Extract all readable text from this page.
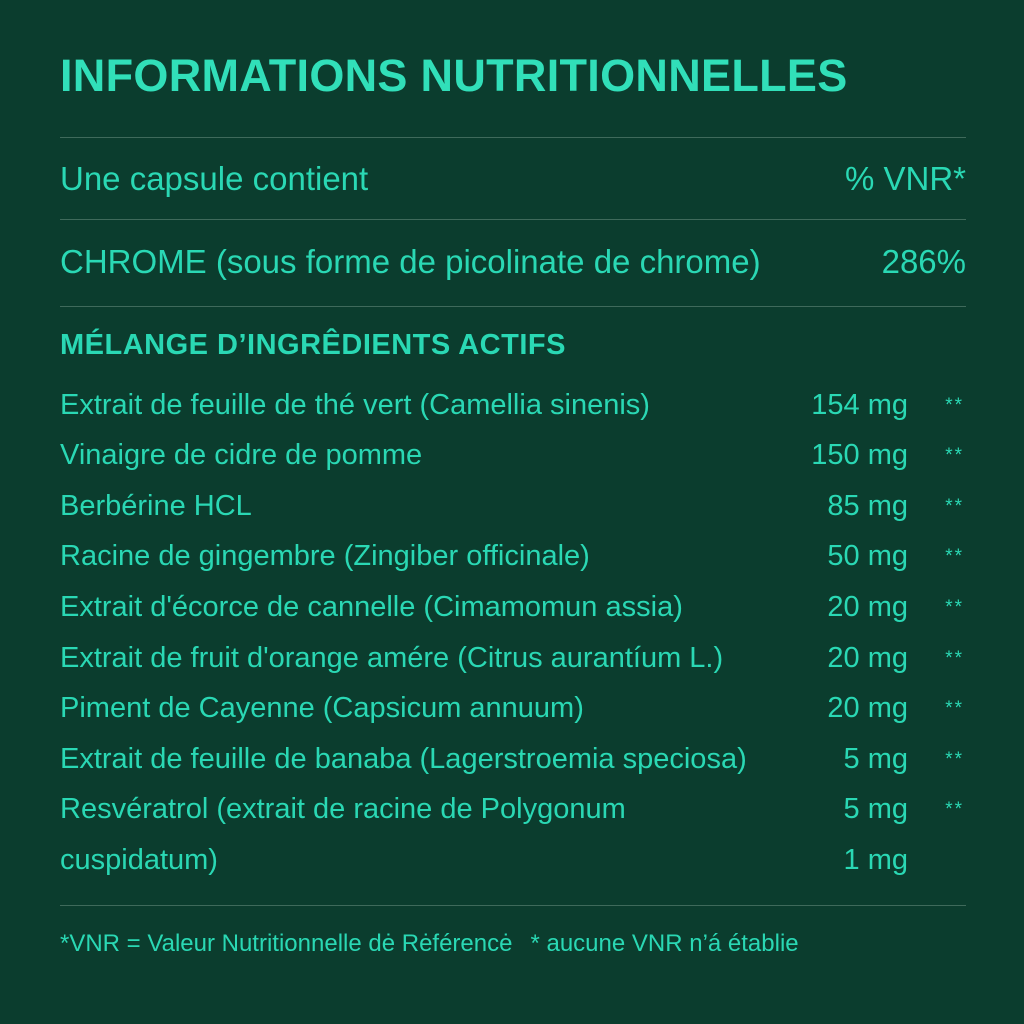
INFORMATIONS NUTRITIONNELLES
Une capsule contient	% VNR*
CHROME (sous forme de picolinate de chrome)	286%
MÉLANGE D’INGRÊDIENTS ACTIFS
Extrait de feuille de thé vert (Camellia sinenis)	154 mg **
Vinaigre de cidre de pomme	150 mg **
Berbérine HCL	85 mg **
Racine de gingembre (Zingiber officinale)	50 mg **
Extrait d'écorce de cannelle (Cimamomun assia)	20 mg **
Extrait de fruit d'orange amére (Citrus aurantíum L.)	20 mg **
Piment de Cayenne (Capsicum annuum)	20 mg **
Extrait de feuille de banaba (Lagerstroemia speciosa)	5 mg **
Resvératrol (extrait de racine de Polygonum	5 mg **
cuspidatum)	1 mg
*VNR = Valeur Nutritionnelle dė Rėférencė * aucune VNR n’á établie
